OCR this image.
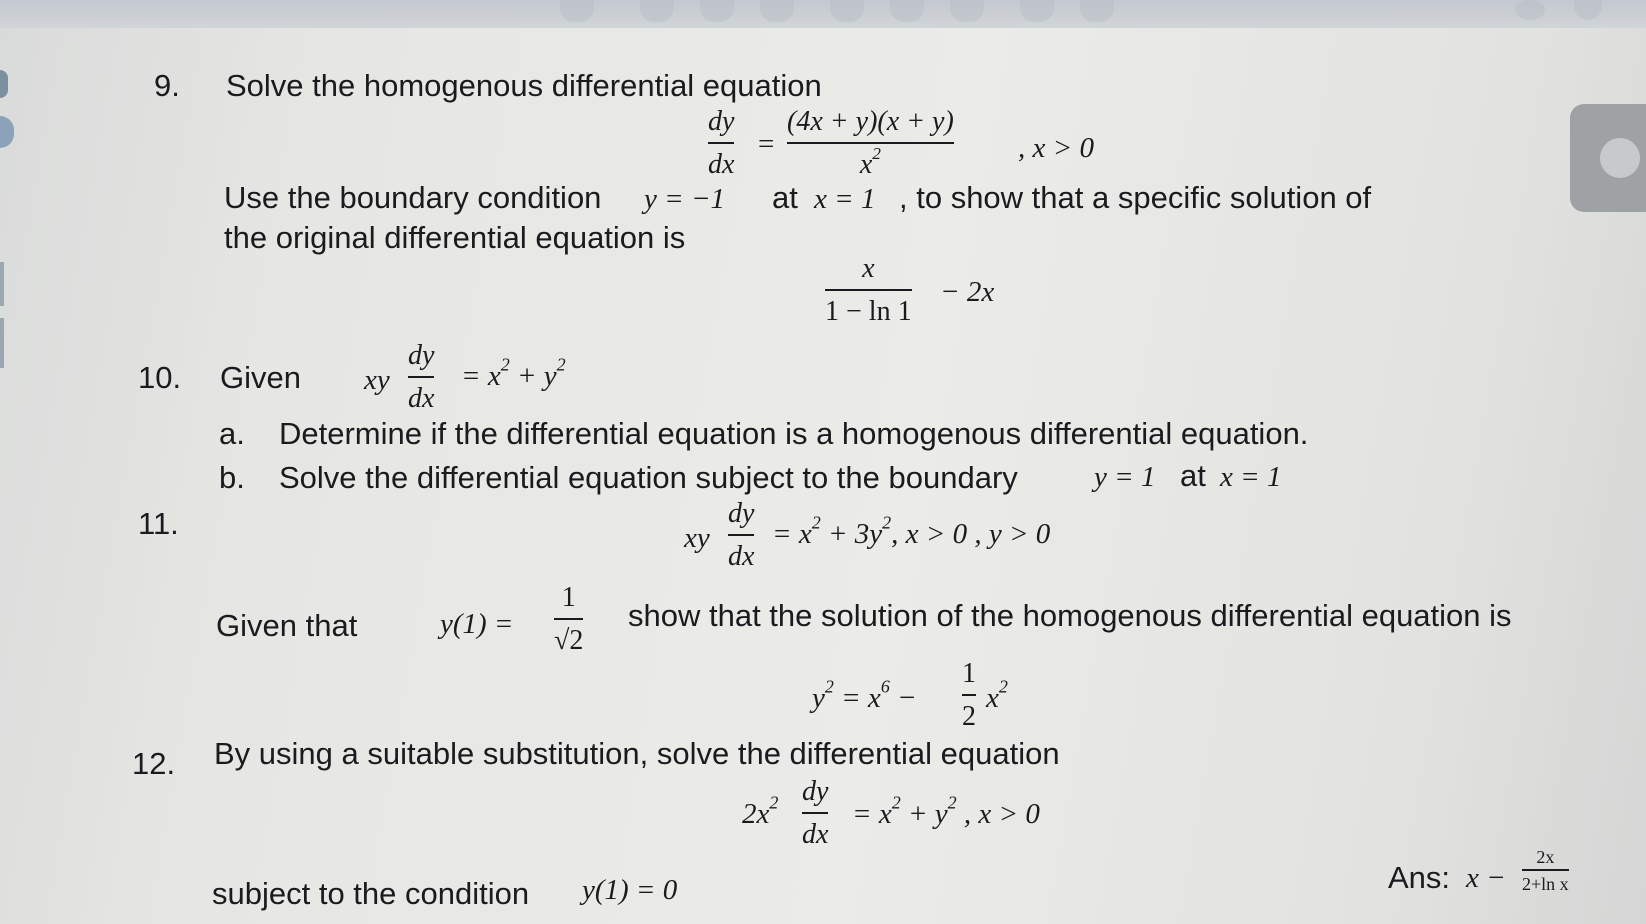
9. Solve the homogenous differential equation
dy
dx
=
(4x + y)(x + y)
$x^2$	, x > 0
Use the boundary condition y = −1 at x = 1 , to show that a specific solution of
the original differential equation is
x
1 − ln 1
− 2x
10. Given xy
dy
dx
= $x^2 + y^2$
a. Determine if the differential equation is a homogenous differential equation.
b. Solve the differential equation subject to the boundary	y = 1 at x = 1
11.	xy
dy
dx
= $x^2 + 3y^2$, x > 0 , y > 0
Given that	y(1) =
1
√2
show that the solution of the homogenous differential equation is
$y^2 = x^6$ −
1
2
$x^2$
12. By using a suitable substitution, solve the differential equation
$2x^2$ dy
dx
= $x^2 + y^2$ , x > 0
subject to the condition y(1) = 0	Ans: x −
2x
2+ln x
